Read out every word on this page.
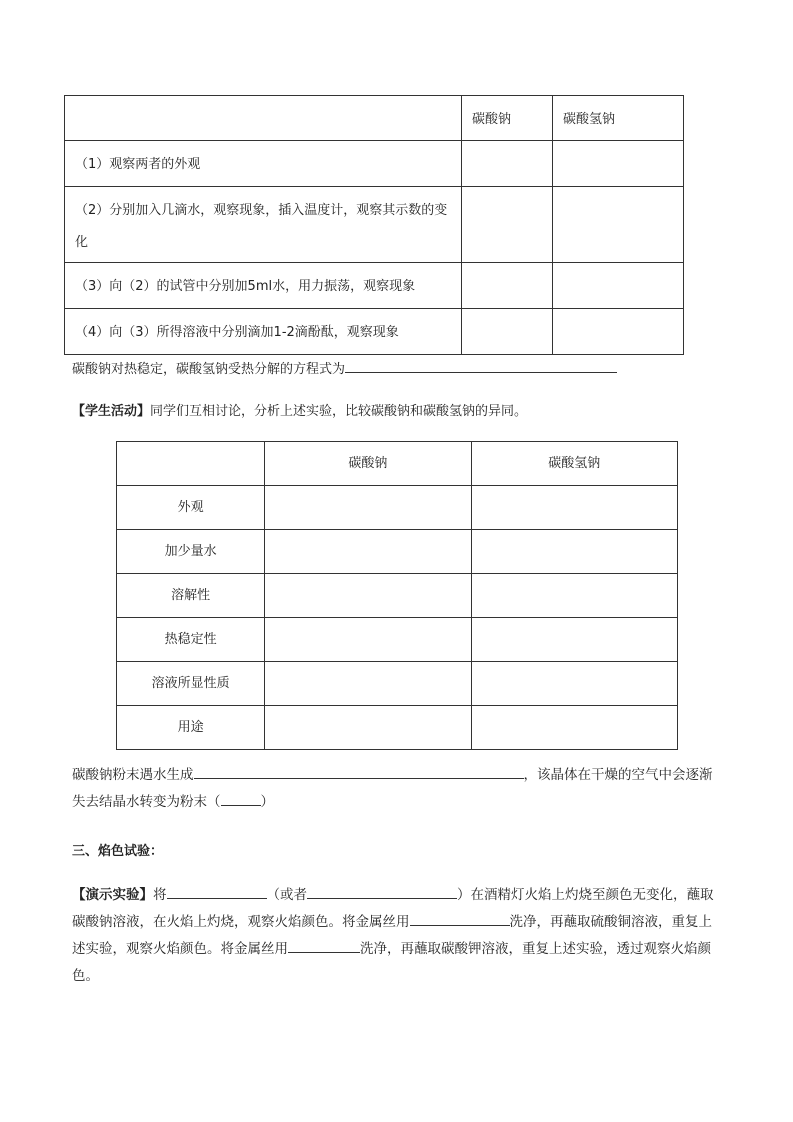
	碳酸钠	碳酸氢钠
（1）观察两者的外观		
（2）分别加入几滴水，观察现象，插入温度计，观察其示数的变化		
（3）向（2）的试管中分别加5ml水，用力振荡，观察现象		
（4）向（3）所得溶液中分别滴加1-2滴酚酞，观察现象		
碳酸钠对热稳定，碳酸氢钠受热分解的方程式为
【学生活动】同学们互相讨论，分析上述实验，比较碳酸钠和碳酸氢钠的异同。
	碳酸钠	碳酸氢钠
外观		
加少量水		
溶解性		
热稳定性		
溶液所显性质		
用途		
碳酸钠粉末遇水生成	，该晶体在干燥的空气中会逐渐失去结晶水转变为粉末（	）
三、焰色试验：
【演示实验】将	（或者	）在酒精灯火焰上灼烧至颜色无变化，蘸取碳酸钠溶液，在火焰上灼烧，观察火焰颜色。将金属丝用	洗净，再蘸取硫酸铜溶液，重复上述实验，观察火焰颜色。将金属丝用	洗净，再蘸取碳酸钾溶液，重复上述实验，透过观察火焰颜色。
